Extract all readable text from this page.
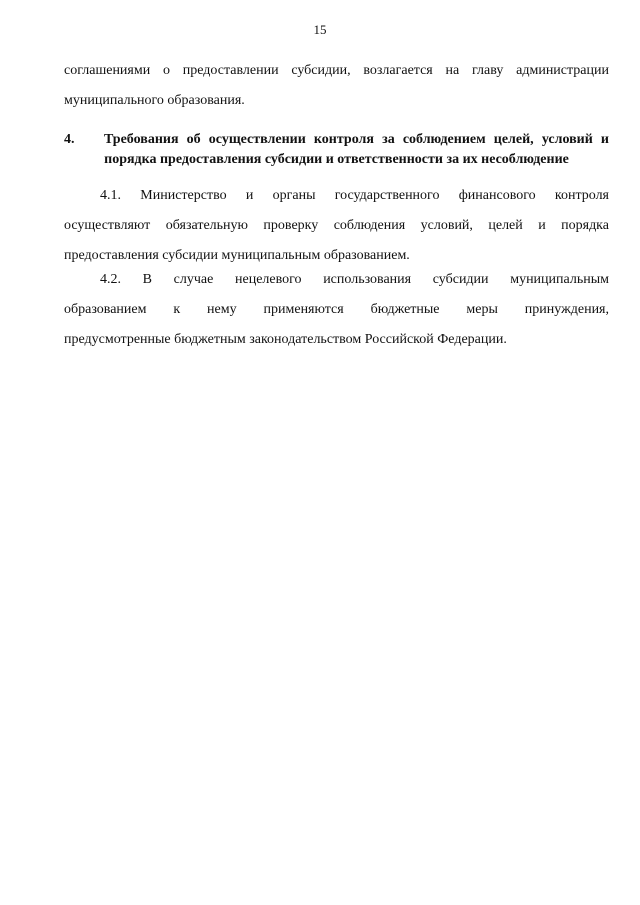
15
соглашениями о предоставлении субсидии, возлагается на главу администрации
муниципального образования.
4.	Требования об осуществлении контроля за соблюдением целей, условий и
порядка предоставления субсидии и ответственности за их несоблюдение
4.1. Министерство и органы государственного финансового контроля
осуществляют обязательную проверку соблюдения условий, целей и порядка
предоставления субсидии муниципальным образованием.
4.2. В случае нецелевого использования субсидии муниципальным
образованием к нему применяются бюджетные меры принуждения,
предусмотренные бюджетным законодательством Российской Федерации.
